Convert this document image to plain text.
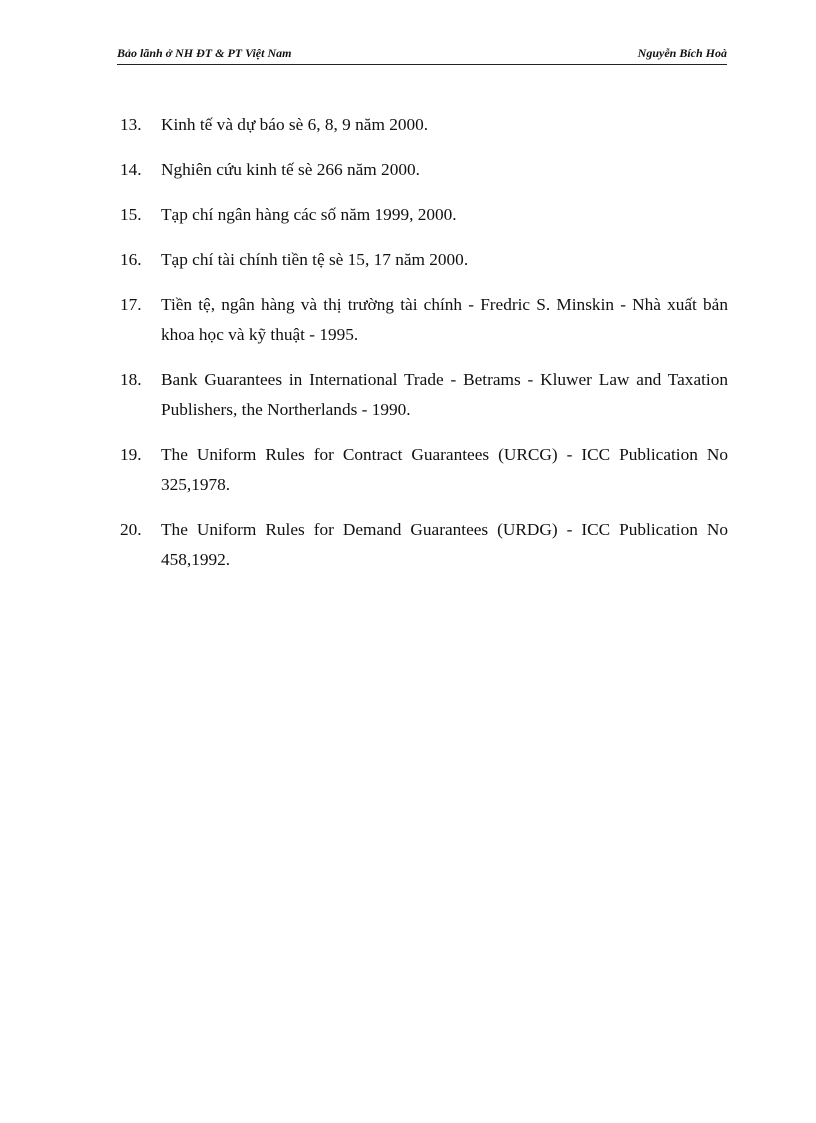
Bảo lãnh ở NH ĐT & PT Việt Nam	Nguyễn Bích Hoà
13. Kinh tế và dự báo sè 6, 8, 9 năm 2000.
14. Nghiên cứu kinh tế sè 266 năm 2000.
15. Tạp chí ngân hàng các số năm 1999, 2000.
16. Tạp chí tài chính tiền tệ sè 15, 17 năm 2000.
17. Tiền tệ, ngân hàng và thị trường tài chính - Fredric S. Minskin - Nhà xuất bản khoa học và kỹ thuật - 1995.
18. Bank Guarantees in International Trade - Betrams - Kluwer Law and Taxation Publishers, the Northerlands - 1990.
19. The Uniform Rules for Contract Guarantees (URCG) - ICC Publication No 325,1978.
20. The Uniform Rules for Demand Guarantees (URDG) - ICC Publication No 458,1992.
